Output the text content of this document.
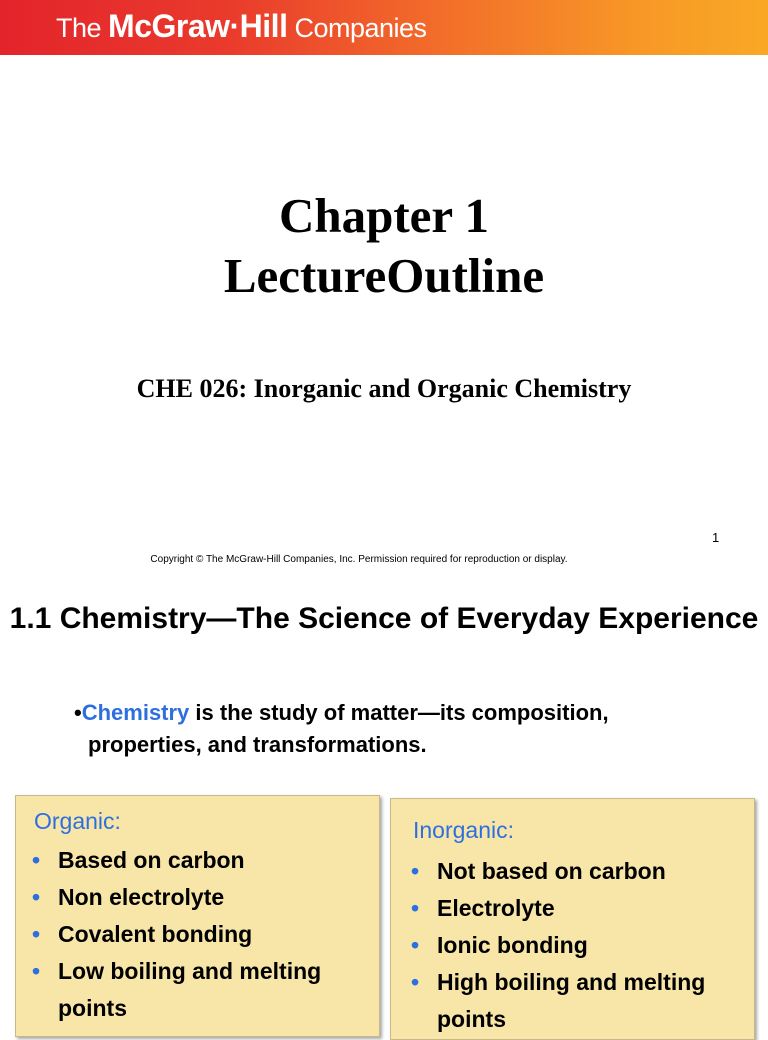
The McGraw·Hill Companies
Chapter 1
LectureOutline
CHE 026: Inorganic and Organic Chemistry
1
Copyright © The McGraw-Hill Companies, Inc. Permission required for reproduction or display.
1.1 Chemistry—The Science of Everyday Experience
•Chemistry is the study of matter—its composition,
properties, and transformations.
Organic:
• Based on carbon
• Non electrolyte
• Covalent bonding
• Low boiling and melting points
Inorganic:
• Not based on carbon
• Electrolyte
• Ionic bonding
• High boiling and melting points
